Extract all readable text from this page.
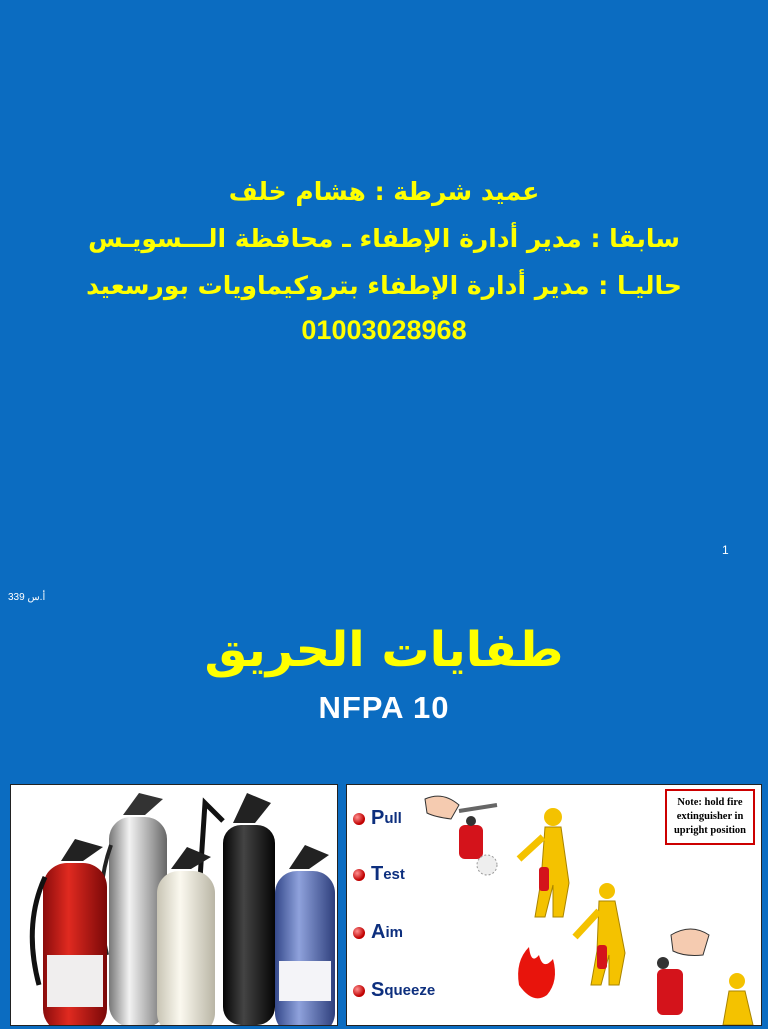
عميد شرطة : هشام خلف
سابقا : مدير أدارة الإطفاء ـ محافظة الـــسويـس
حاليـا : مدير أدارة الإطفاء بتروكيماويات بورسعيد
01003028968
1
أ.س 339
طفايات الحريق
NFPA 10
P ull
T est
A im
S queeze
Note: hold fire extinguisher in upright position
